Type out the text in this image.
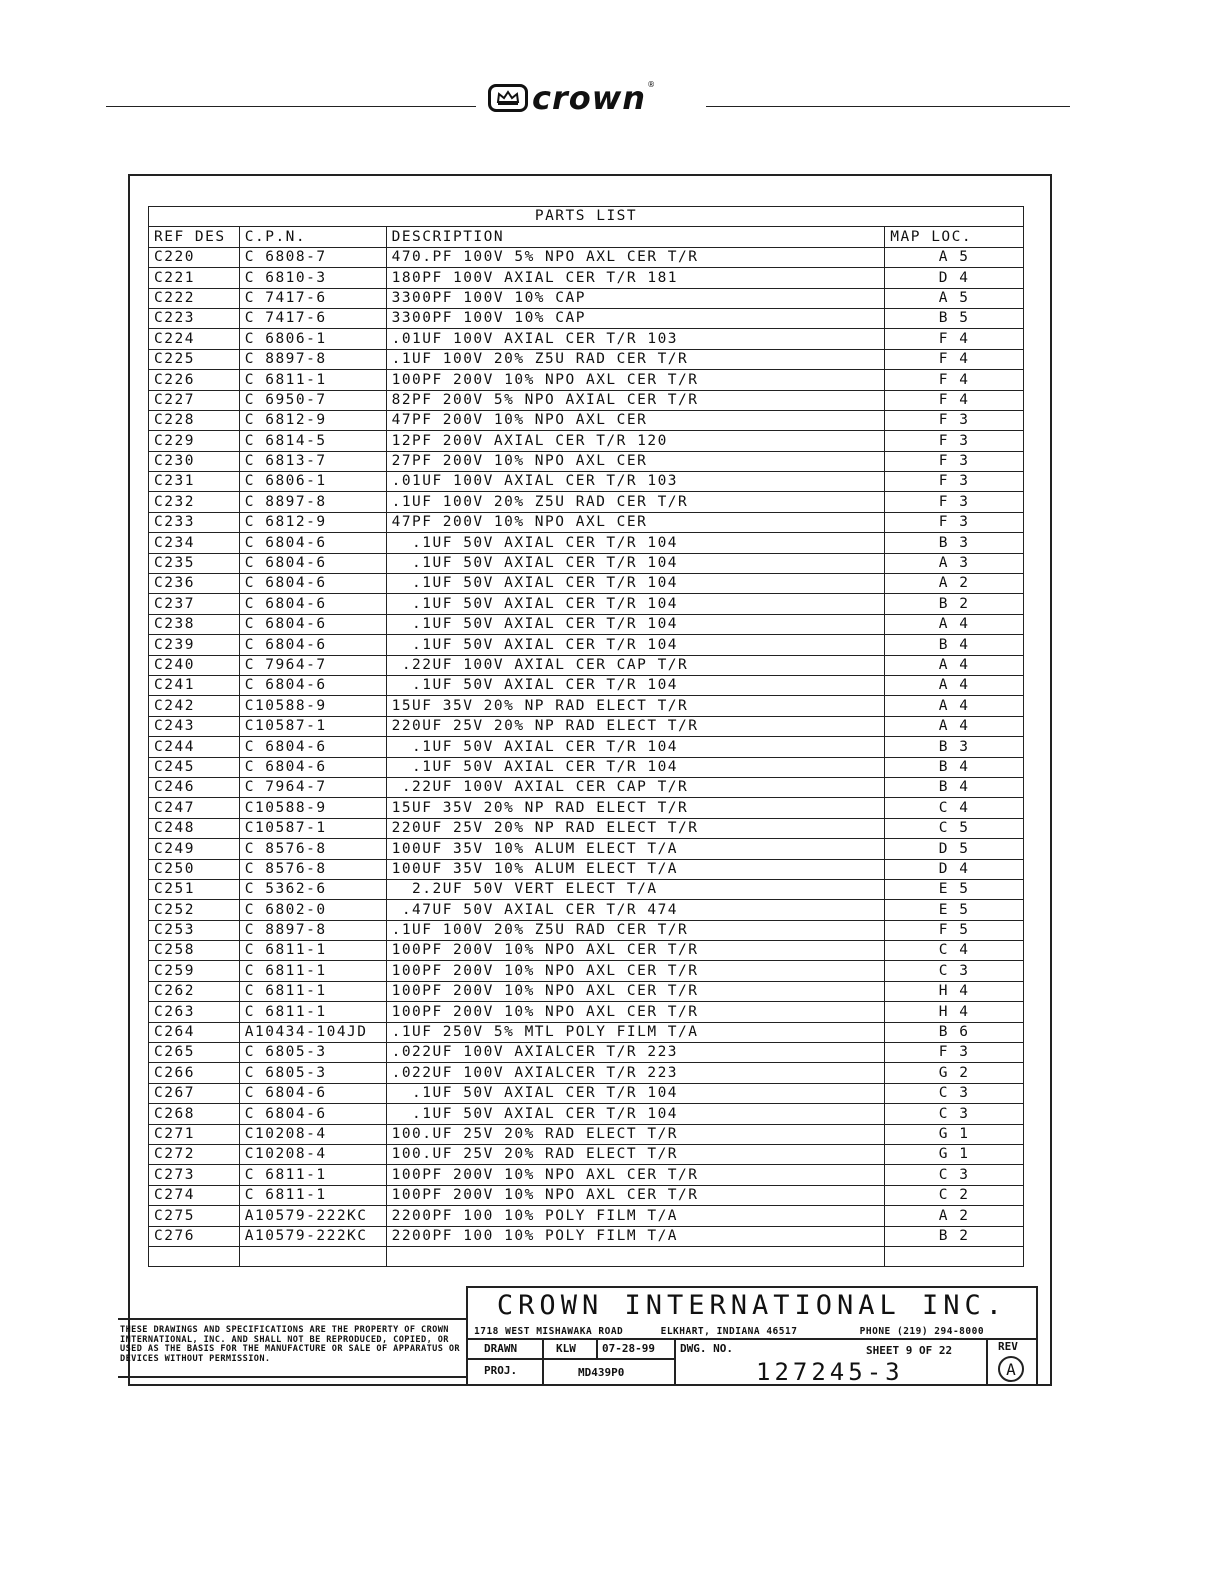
crown ®
PARTS LIST			
REF DES	C.P.N.	DESCRIPTION	MAP LOC.
C220	C 6808-7	470.PF 100V 5% NPO AXL CER T/R	A 5
C221	C 6810-3	180PF 100V AXIAL CER T/R 181	D 4
C222	C 7417-6	3300PF 100V 10% CAP	A 5
C223	C 7417-6	3300PF 100V 10% CAP	B 5
C224	C 6806-1	.01UF 100V AXIAL CER T/R 103	F 4
C225	C 8897-8	.1UF 100V 20% Z5U RAD CER T/R	F 4
C226	C 6811-1	100PF 200V 10% NPO AXL CER T/R	F 4
C227	C 6950-7	82PF 200V 5% NPO AXIAL CER T/R	F 4
C228	C 6812-9	47PF 200V 10% NPO AXL CER	F 3
C229	C 6814-5	12PF 200V AXIAL CER T/R 120	F 3
C230	C 6813-7	27PF 200V 10% NPO AXL CER	F 3
C231	C 6806-1	.01UF 100V AXIAL CER T/R 103	F 3
C232	C 8897-8	.1UF 100V 20% Z5U RAD CER T/R	F 3
C233	C 6812-9	47PF 200V 10% NPO AXL CER	F 3
C234	C 6804-6	.1UF 50V AXIAL CER T/R 104	B 3
C235	C 6804-6	.1UF 50V AXIAL CER T/R 104	A 3
C236	C 6804-6	.1UF 50V AXIAL CER T/R 104	A 2
C237	C 6804-6	.1UF 50V AXIAL CER T/R 104	B 2
C238	C 6804-6	.1UF 50V AXIAL CER T/R 104	A 4
C239	C 6804-6	.1UF 50V AXIAL CER T/R 104	B 4
C240	C 7964-7	.22UF 100V AXIAL CER CAP T/R	A 4
C241	C 6804-6	.1UF 50V AXIAL CER T/R 104	A 4
C242	C10588-9	15UF 35V 20% NP RAD ELECT T/R	A 4
C243	C10587-1	220UF 25V 20% NP RAD ELECT T/R	A 4
C244	C 6804-6	.1UF 50V AXIAL CER T/R 104	B 3
C245	C 6804-6	.1UF 50V AXIAL CER T/R 104	B 4
C246	C 7964-7	.22UF 100V AXIAL CER CAP T/R	B 4
C247	C10588-9	15UF 35V 20% NP RAD ELECT T/R	C 4
C248	C10587-1	220UF 25V 20% NP RAD ELECT T/R	C 5
C249	C 8576-8	100UF 35V 10% ALUM ELECT T/A	D 5
C250	C 8576-8	100UF 35V 10% ALUM ELECT T/A	D 4
C251	C 5362-6	2.2UF 50V VERT ELECT T/A	E 5
C252	C 6802-0	.47UF 50V AXIAL CER T/R 474	E 5
C253	C 8897-8	.1UF 100V 20% Z5U RAD CER T/R	F 5
C258	C 6811-1	100PF 200V 10% NPO AXL CER T/R	C 4
C259	C 6811-1	100PF 200V 10% NPO AXL CER T/R	C 3
C262	C 6811-1	100PF 200V 10% NPO AXL CER T/R	H 4
C263	C 6811-1	100PF 200V 10% NPO AXL CER T/R	H 4
C264	A10434-104JD	.1UF 250V 5% MTL POLY FILM T/A	B 6
C265	C 6805-3	.022UF 100V AXIALCER T/R 223	F 3
C266	C 6805-3	.022UF 100V AXIALCER T/R 223	G 2
C267	C 6804-6	.1UF 50V AXIAL CER T/R 104	C 3
C268	C 6804-6	.1UF 50V AXIAL CER T/R 104	C 3
C271	C10208-4	100.UF 25V 20% RAD ELECT T/R	G 1
C272	C10208-4	100.UF 25V 20% RAD ELECT T/R	G 1
C273	C 6811-1	100PF 200V 10% NPO AXL CER T/R	C 3
C274	C 6811-1	100PF 200V 10% NPO AXL CER T/R	C 2
C275	A10579-222KC	2200PF 100 10% POLY FILM T/A	A 2
C276	A10579-222KC	2200PF 100 10% POLY FILM T/A	B 2

THESE DRAWINGS AND SPECIFICATIONS ARE THE PROPERTY OF CROWN INTERNATIONAL, INC. AND SHALL NOT BE REPRODUCED, COPIED, OR USED AS THE BASIS FOR THE MANUFACTURE OR SALE OF APPARATUS OR DEVICES WITHOUT PERMISSION.
CROWN INTERNATIONAL INC.
1718 WEST MISHAWAKA ROAD	ELKHART, INDIANA 46517	PHONE (219) 294-8000
DRAWN	KLW 07-28-99 DWG. NO.	SHEET 9 OF 22	REV
PROJ.	MD439P0	127245-3	A
